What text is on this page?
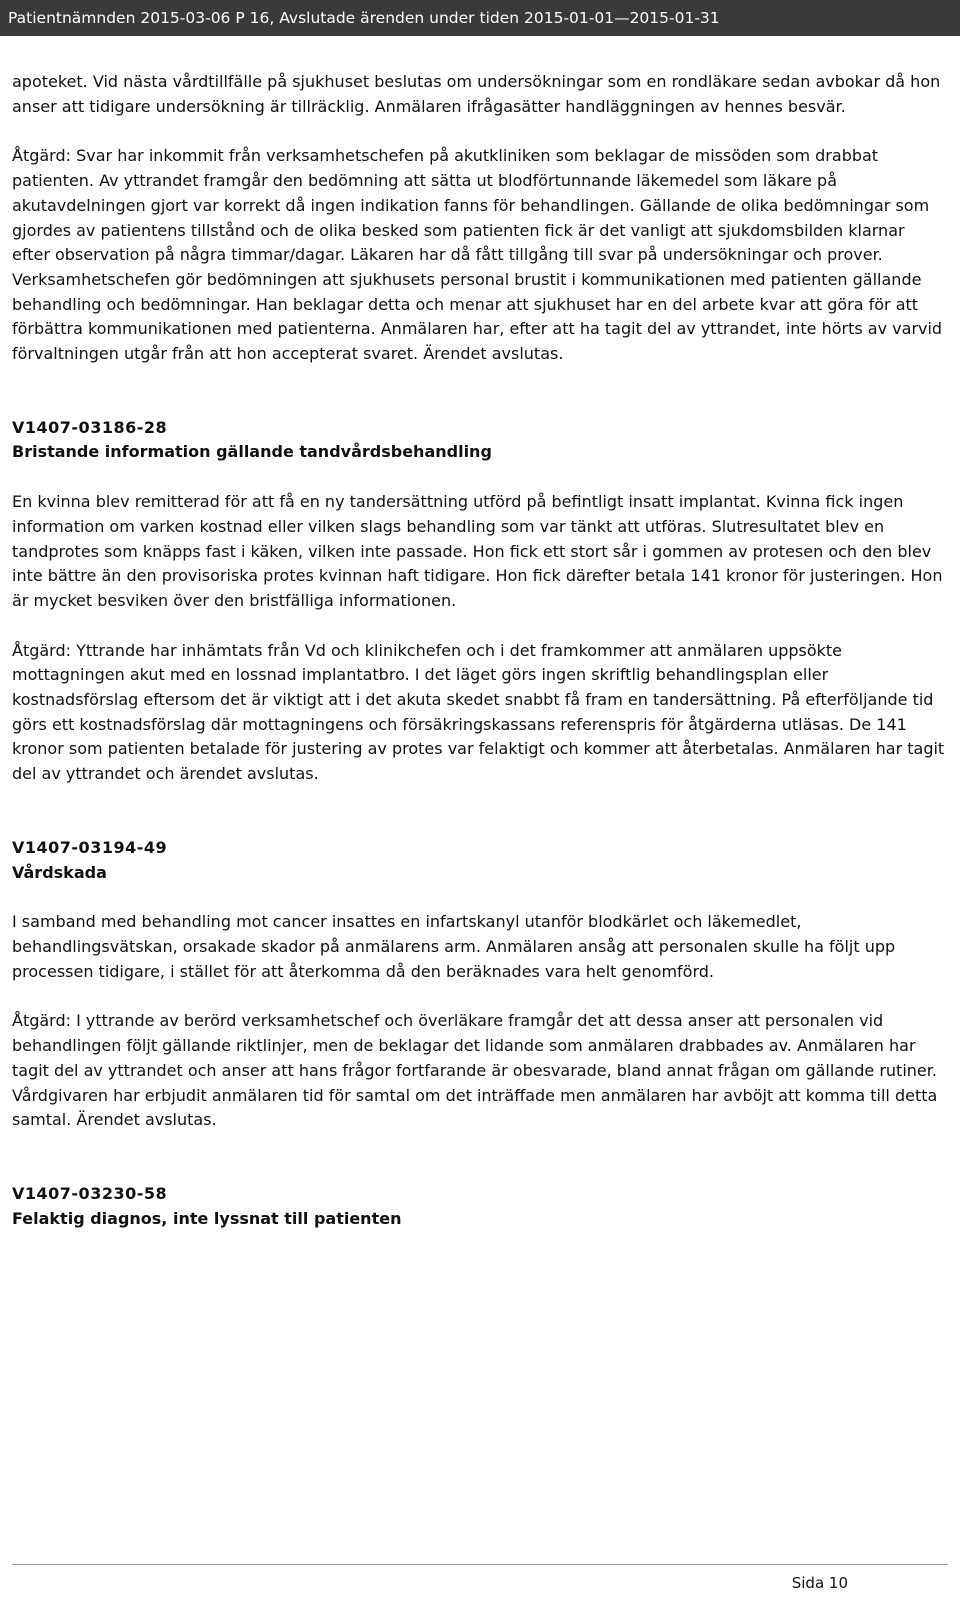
Patientnämnden 2015-03-06 P 16, Avslutade ärenden under tiden 2015-01-01—2015-01-31

apoteket. Vid nästa vårdtillfälle på sjukhuset beslutas om undersökningar som en rondläkare sedan avbokar då hon anser att tidigare undersökning är tillräcklig. Anmälaren ifrågasätter handläggningen av hennes besvär.

Åtgärd: Svar har inkommit från verksamhetschefen på akutkliniken som beklagar de missöden som drabbat patienten. Av yttrandet framgår den bedömning att sätta ut blodförtunnande läkemedel som läkare på akutavdelningen gjort var korrekt då ingen indikation fanns för behandlingen. Gällande de olika bedömningar som gjordes av patientens tillstånd och de olika besked som patienten fick är det vanligt att sjukdomsbilden klarnar efter observation på några timmar/dagar. Läkaren har då fått tillgång till svar på undersökningar och prover. Verksamhetschefen gör bedömningen att sjukhusets personal brustit i kommunikationen med patienten gällande behandling och bedömningar. Han beklagar detta och menar att sjukhuset har en del arbete kvar att göra för att förbättra kommunikationen med patienterna. Anmälaren har, efter att ha tagit del av yttrandet, inte hörts av varvid förvaltningen utgår från att hon accepterat svaret. Ärendet avslutas.

V1407-03186-28

Bristande information gällande tandvårdsbehandling

En kvinna blev remitterad för att få en ny tandersättning utförd på befintligt insatt implantat. Kvinna fick ingen information om varken kostnad eller vilken slags behandling som var tänkt att utföras. Slutresultatet blev en tandprotes som knäpps fast i käken, vilken inte passade. Hon fick ett stort sår i gommen av protesen och den blev inte bättre än den provisoriska protes kvinnan haft tidigare. Hon fick därefter betala 141 kronor för justeringen. Hon är mycket besviken över den bristfälliga informationen.

Åtgärd: Yttrande har inhämtats från Vd och klinikchefen och i det framkommer att anmälaren uppsökte mottagningen akut med en lossnad implantatbro. I det läget görs ingen skriftlig behandlingsplan eller kostnadsförslag eftersom det är viktigt att i det akuta skedet snabbt få fram en tandersättning. På efterföljande tid görs ett kostnadsförslag där mottagningens och försäkringskassans referenspris för åtgärderna utläsas. De 141 kronor som patienten betalade för justering av protes var felaktigt och kommer att återbetalas. Anmälaren har tagit del av yttrandet och ärendet avslutas.

V1407-03194-49

Vårdskada

I samband med behandling mot cancer insattes en infartskanyl utanför blodkärlet och läkemedlet, behandlingsvätskan, orsakade skador på anmälarens arm. Anmälaren ansåg att personalen skulle ha följt upp processen tidigare, i stället för att återkomma då den beräknades vara helt genomförd.

Åtgärd: I yttrande av berörd verksamhetschef och överläkare framgår det att dessa anser att personalen vid behandlingen följt gällande riktlinjer, men de beklagar det lidande som anmälaren drabbades av. Anmälaren har tagit del av yttrandet och anser att hans frågor fortfarande är obesvarade, bland annat frågan om gällande rutiner. Vårdgivaren har erbjudit anmälaren tid för samtal om det inträffade men anmälaren har avböjt att komma till detta samtal. Ärendet avslutas.

V1407-03230-58

Felaktig diagnos, inte lyssnat till patienten

Sida 10
